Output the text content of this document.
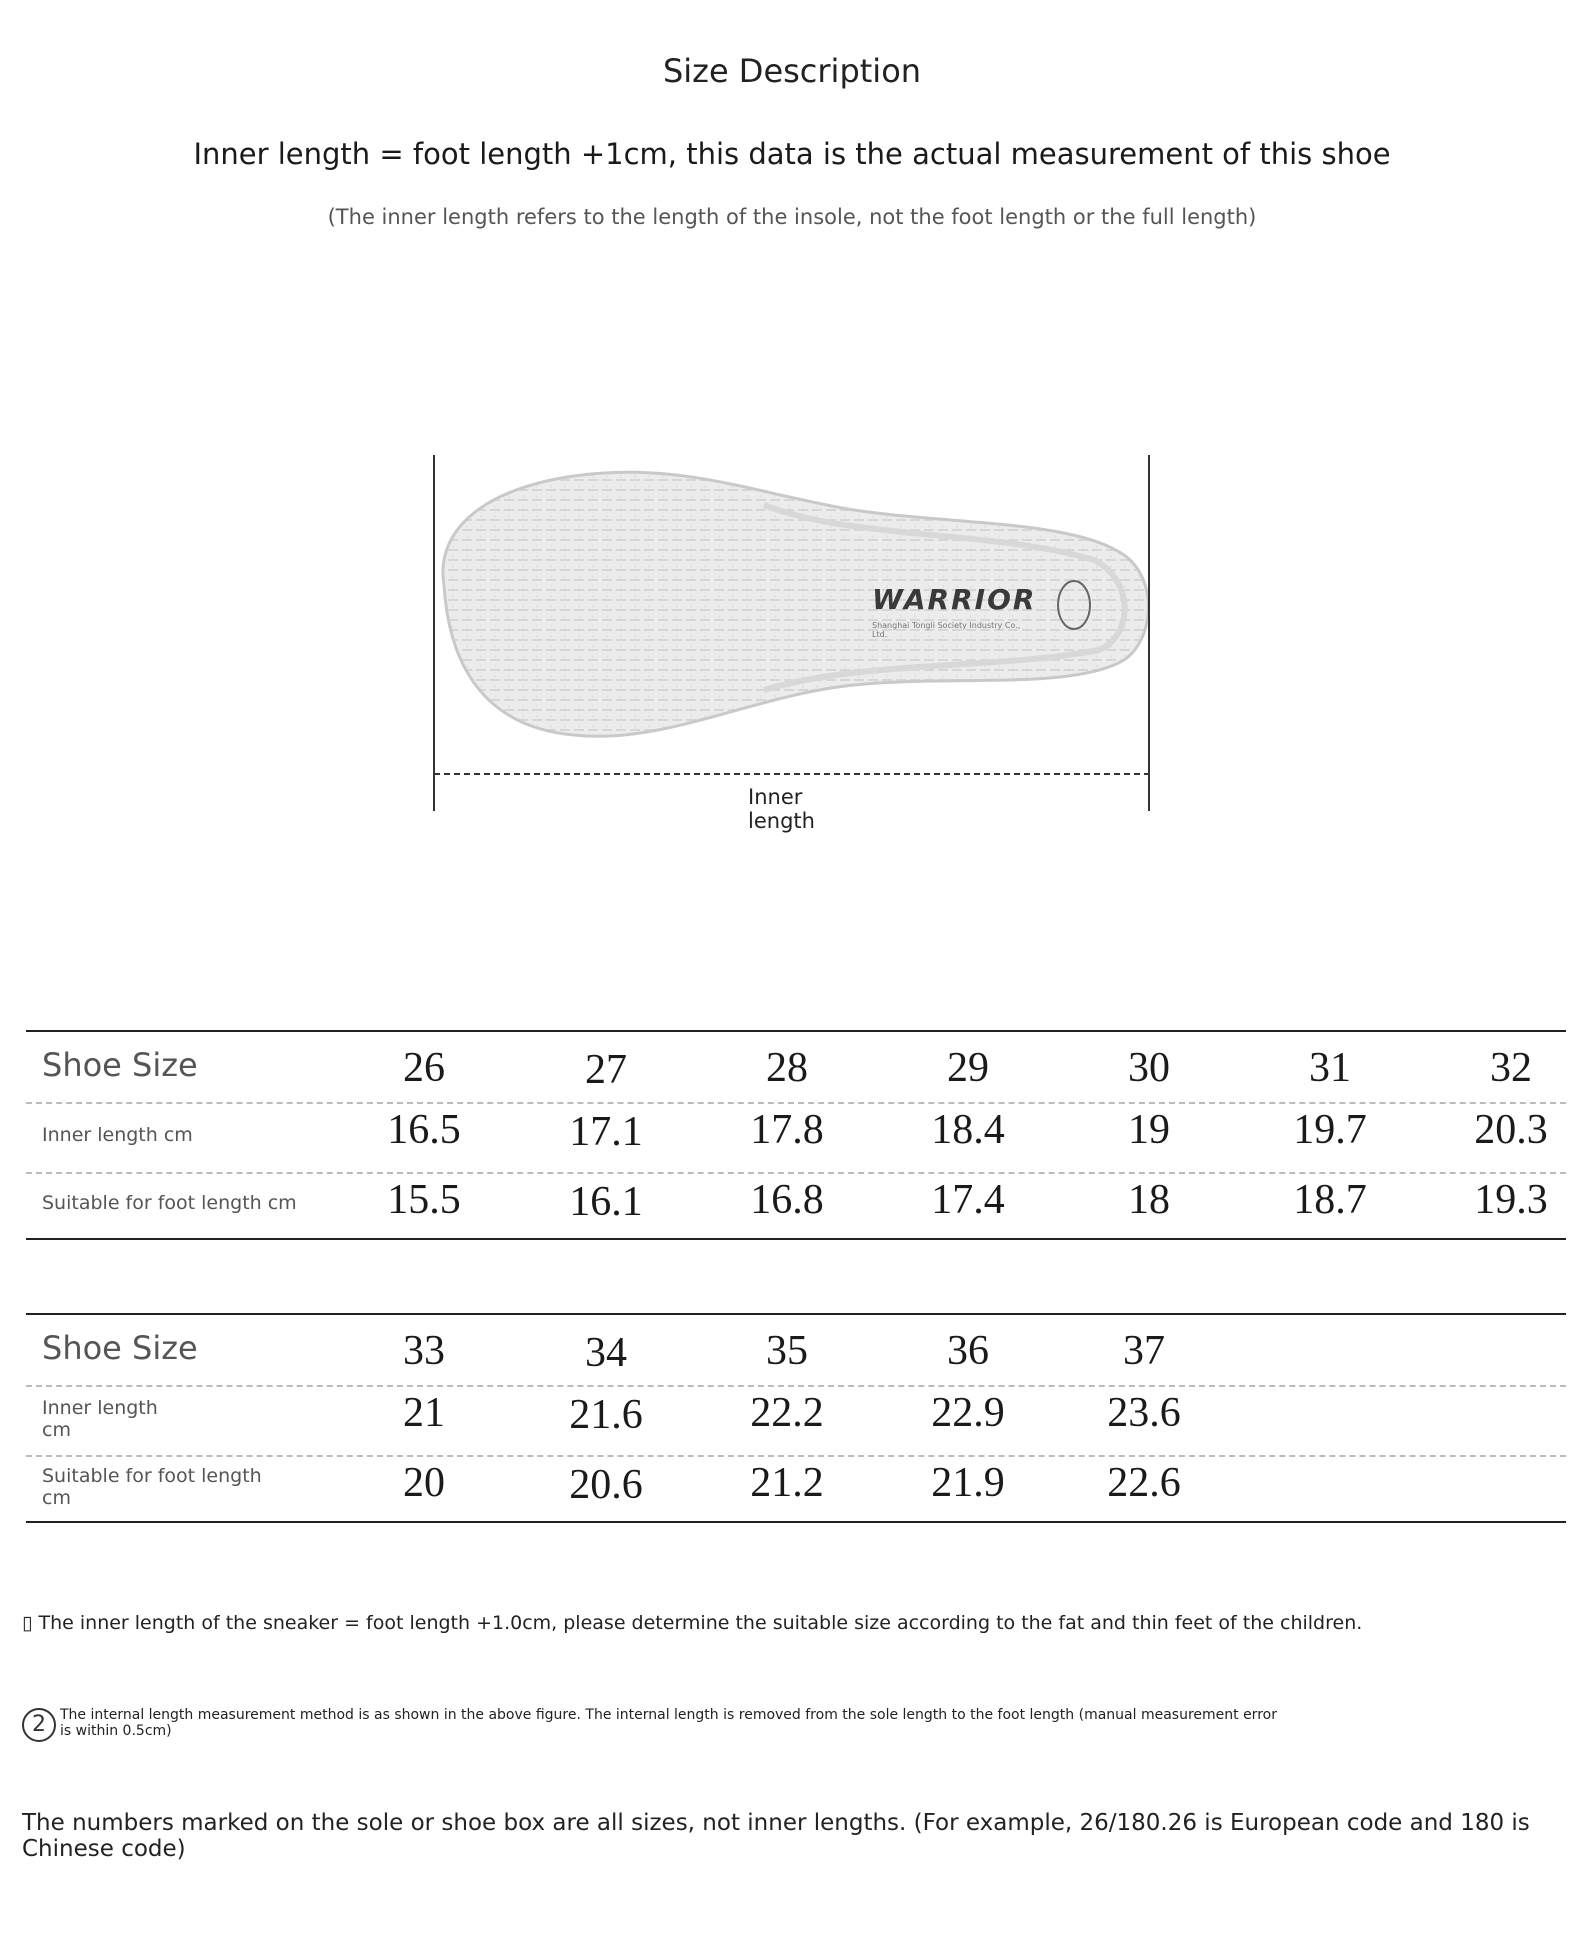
Size Description
Inner length = foot length +1cm, this data is the actual measurement of this shoe
(The inner length refers to the length of the insole, not the foot length or the full length)
WARRIOR
Shanghai Tongli Society Industry Co., Ltd.
Inner length
Shoe Size	26	27	28	29	30	31	32
Inner length cm	16.5	17.1	17.8	18.4	19	19.7	20.3
Suitable for foot length cm	15.5	16.1	16.8	17.4	18	18.7	19.3
Shoe Size	33	34	35	36	37
Inner length cm	21	21.6	22.2	22.9	23.6
Suitable for foot length cm	20	20.6	21.2	21.9	22.6
▯ The inner length of the sneaker = foot length +1.0cm, please determine the suitable size according to the fat and thin feet of the children.
2	The internal length measurement method is as shown in the above figure. The internal length is removed from the sole length to the foot length (manual measurement error is within 0.5cm)
The numbers marked on the sole or shoe box are all sizes, not inner lengths. (For example, 26/180.26 is European code and 180 is Chinese code)
